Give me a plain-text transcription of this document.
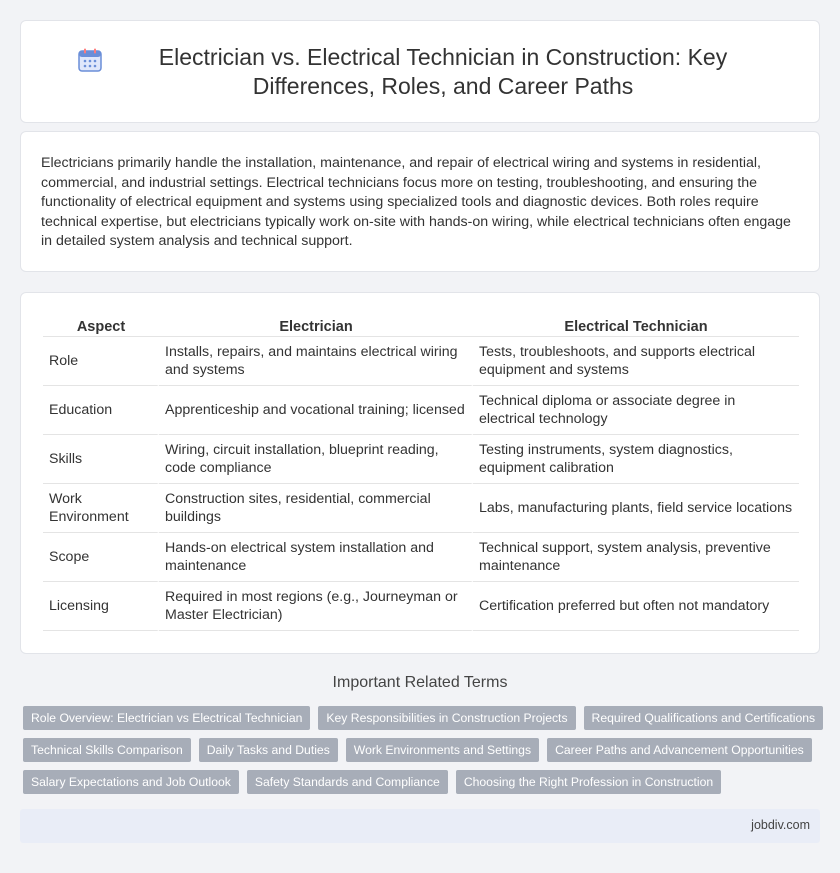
Electrician vs. Electrical Technician in Construction: Key Differences, Roles, and Career Paths

Electricians primarily handle the installation, maintenance, and repair of electrical wiring and systems in residential, commercial, and industrial settings. Electrical technicians focus more on testing, troubleshooting, and ensuring the functionality of electrical equipment and systems using specialized tools and diagnostic devices. Both roles require technical expertise, but electricians typically work on-site with hands-on wiring, while electrical technicians often engage in detailed system analysis and technical support.

Aspect	Electrician	Electrical Technician
Role	Installs, repairs, and maintains electrical wiring and systems	Tests, troubleshoots, and supports electrical equipment and systems
Education	Apprenticeship and vocational training; licensed	Technical diploma or associate degree in electrical technology
Skills	Wiring, circuit installation, blueprint reading, code compliance	Testing instruments, system diagnostics, equipment calibration
Work Environment	Construction sites, residential, commercial buildings	Labs, manufacturing plants, field service locations
Scope	Hands-on electrical system installation and maintenance	Technical support, system analysis, preventive maintenance
Licensing	Required in most regions (e.g., Journeyman or Master Electrician)	Certification preferred but often not mandatory
Important Related Terms
Role Overview: Electrician vs Electrical Technician	Key Responsibilities in Construction Projects	Required Qualifications and Certifications
Technical Skills Comparison	Daily Tasks and Duties	Work Environments and Settings	Career Paths and Advancement Opportunities
Salary Expectations and Job Outlook	Safety Standards and Compliance	Choosing the Right Profession in Construction
jobdiv.com
